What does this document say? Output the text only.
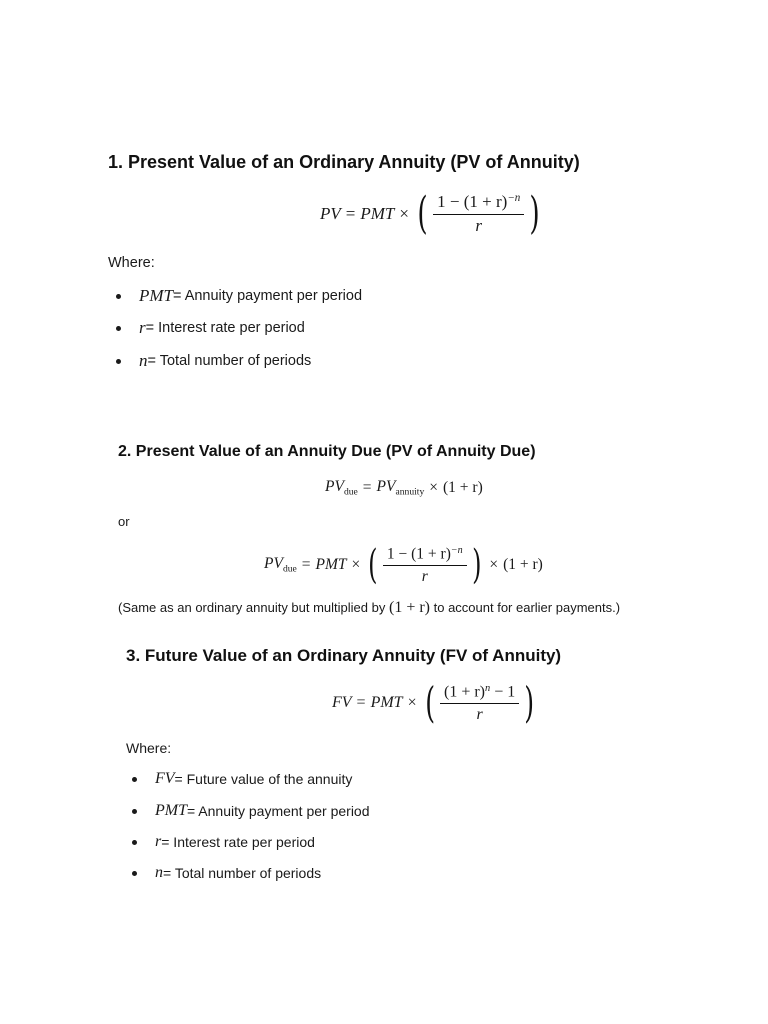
1. Present Value of an Ordinary Annuity (PV of Annuity)
PV = PMT × ( $\frac{1 - (1 + r)^{-n}}{r}$ )
Where:
PMT = Annuity payment per period
r = Interest rate per period
n = Total number of periods
2. Present Value of an Annuity Due (PV of Annuity Due)
$PV_{due} = PV_{annuity} \times (1 + r)$
or
$PV_{due}$ = PMT × ( $\frac{1 - (1 + r)^{-n}}{r}$ ) × (1 + r)
(Same as an ordinary annuity but multiplied by (1 + r) to account for earlier payments.)
3. Future Value of an Ordinary Annuity (FV of Annuity)
FV = PMT × ( $\frac{(1 + r)^n - 1}{r}$ )
Where:
FV = Future value of the annuity
PMT = Annuity payment per period
r = Interest rate per period
n = Total number of periods
